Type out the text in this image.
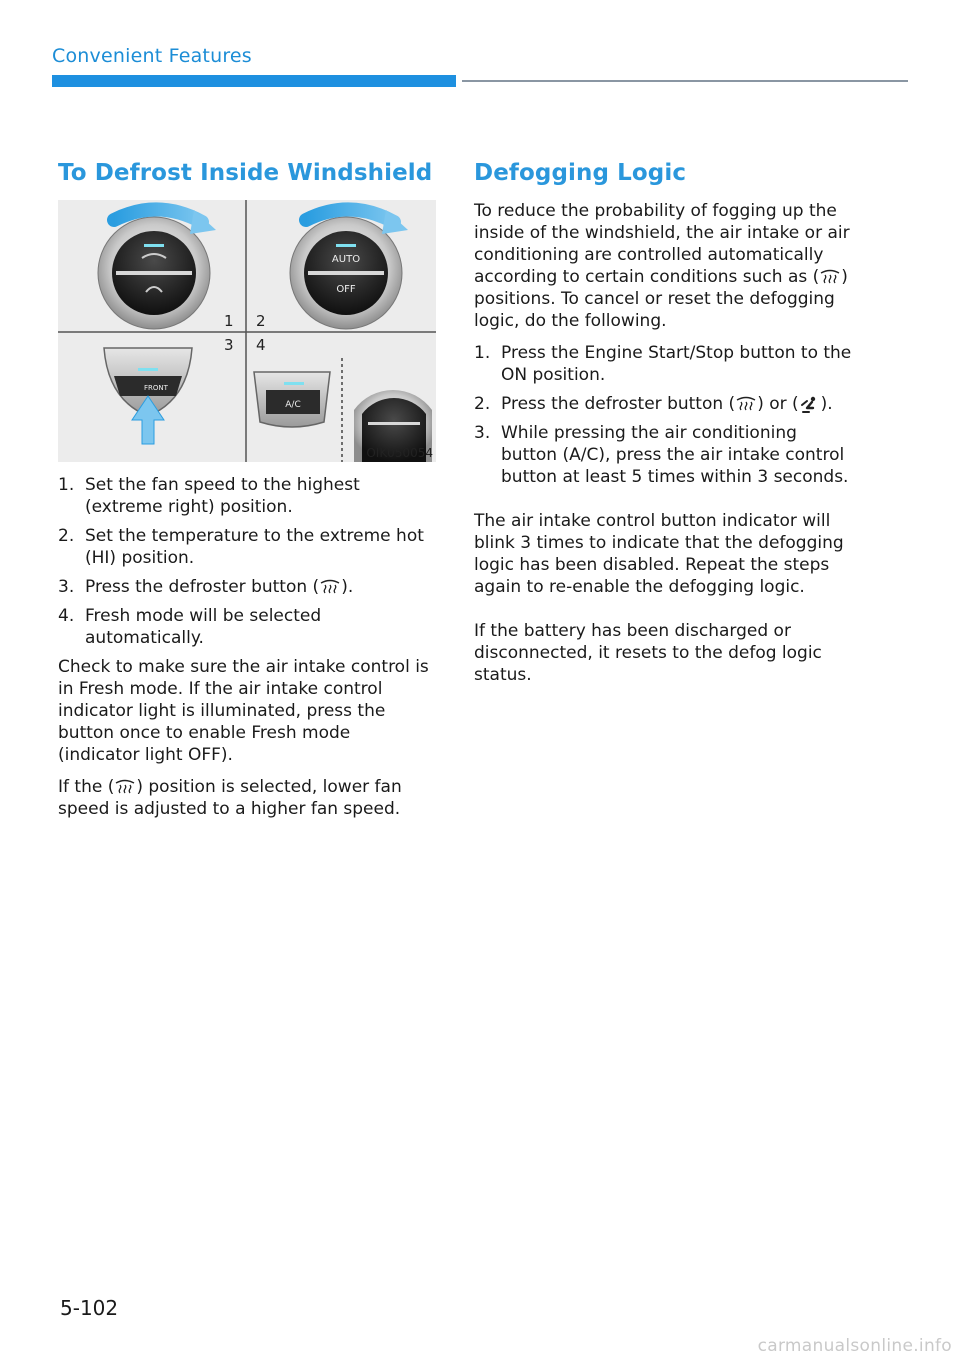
Convenient Features
To Defrost Inside Windshield
AUTO
OFF
FRONT
A/C
1 2
3 4
OIK050054
1. Set the fan speed to the highest (extreme right) position.
2. Set the temperature to the extreme hot (HI) position.
3. Press the defroster button ( ).
4. Fresh mode will be selected automatically.

Check to make sure the air intake control is in Fresh mode. If the air intake control indicator light is illuminated, press the button once to enable Fresh mode (indicator light OFF).

If the ( ) position is selected, lower fan speed is adjusted to a higher fan speed.

Defogging Logic

To reduce the probability of fogging up the inside of the windshield, the air intake or air conditioning are controlled automatically according to certain conditions such as ( ) positions. To cancel or reset the defogging logic, do the following.

1. Press the Engine Start/Stop button to the ON position.
2. Press the defroster button ( ) or ( ).
3. While pressing the air conditioning button (A/C), press the air intake control button at least 5 times within 3 seconds.

The air intake control button indicator will blink 3 times to indicate that the defogging logic has been disabled. Repeat the steps again to re-enable the defogging logic.

If the battery has been discharged or disconnected, it resets to the defog logic status.

5-102
carmanualsonline.info
